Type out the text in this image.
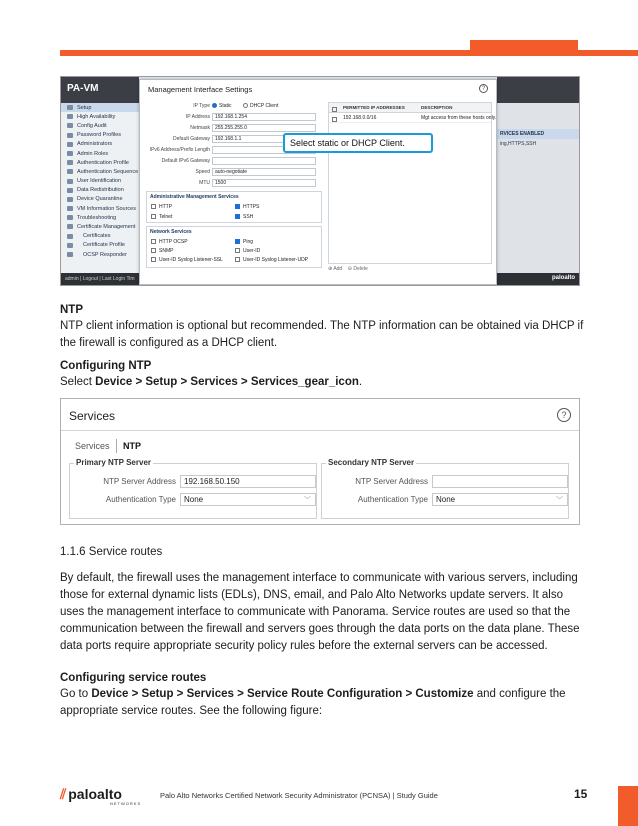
PA-VM
Setup
High Availability
Config Audit
Password Profiles
Administrators
Admin Roles
Authentication Profile
Authentication Sequence
User Identification
Data Redistribution
Device Quarantine
VM Information Sources
Troubleshooting
Certificate Management
Certificates
Certificate Profile
OCSP Responder
admin | Logout | Last Login Tim
RVICES ENABLED
ing,HTTPS,SSH
paloalto
Management Interface Settings	?
IP Type	Static	DHCP Client
IP Address	192.168.1.254
Netmask	255.255.255.0
Default Gateway	192.168.1.1
IPv6 Address/Prefix Length
Default IPv6 Gateway
Speed	auto-negotiate
MTU	1500
Administrative Management Services
HTTP	HTTPS
Telnet	SSH
Network Services
HTTP OCSP	Ping
SNMP	User-ID
User-ID Syslog Listener-SSL	User-ID Syslog Listener-UDP
PERMITTED IP ADDRESSES	DESCRIPTION
192.168.0.0/16	Mgt access from these hosts only.
⊕ Add ⊖ Delete
Select static or DHCP Client.
NTP
NTP client information is optional but recommended. The NTP information can be obtained via DHCP if the firewall is configured as a DHCP client.
Configuring NTP
Select Device > Setup > Services > Services_gear_icon.
Services	?
Services NTP
Primary NTP Server
NTP Server Address	192.168.50.150
Authentication Type	None	﹀
Secondary NTP Server
NTP Server Address
Authentication Type	None	﹀
1.1.6 Service routes
By default, the firewall uses the management interface to communicate with various servers, including those for external dynamic lists (EDLs), DNS, email, and Palo Alto Networks update servers. It also uses the management interface to communicate with Panorama. Service routes are used so that the communication between the firewall and servers goes through the data ports on the data plane. These data ports require appropriate security policy rules before the external servers can be accessed.
Configuring service routes
Go to Device > Setup > Services > Service Route Configuration > Customize and configure the appropriate service routes. See the following figure:
⫽ paloalto
NETWORKS
Palo Alto Networks Certified Network Security Administrator (PCNSA) | Study Guide	15
